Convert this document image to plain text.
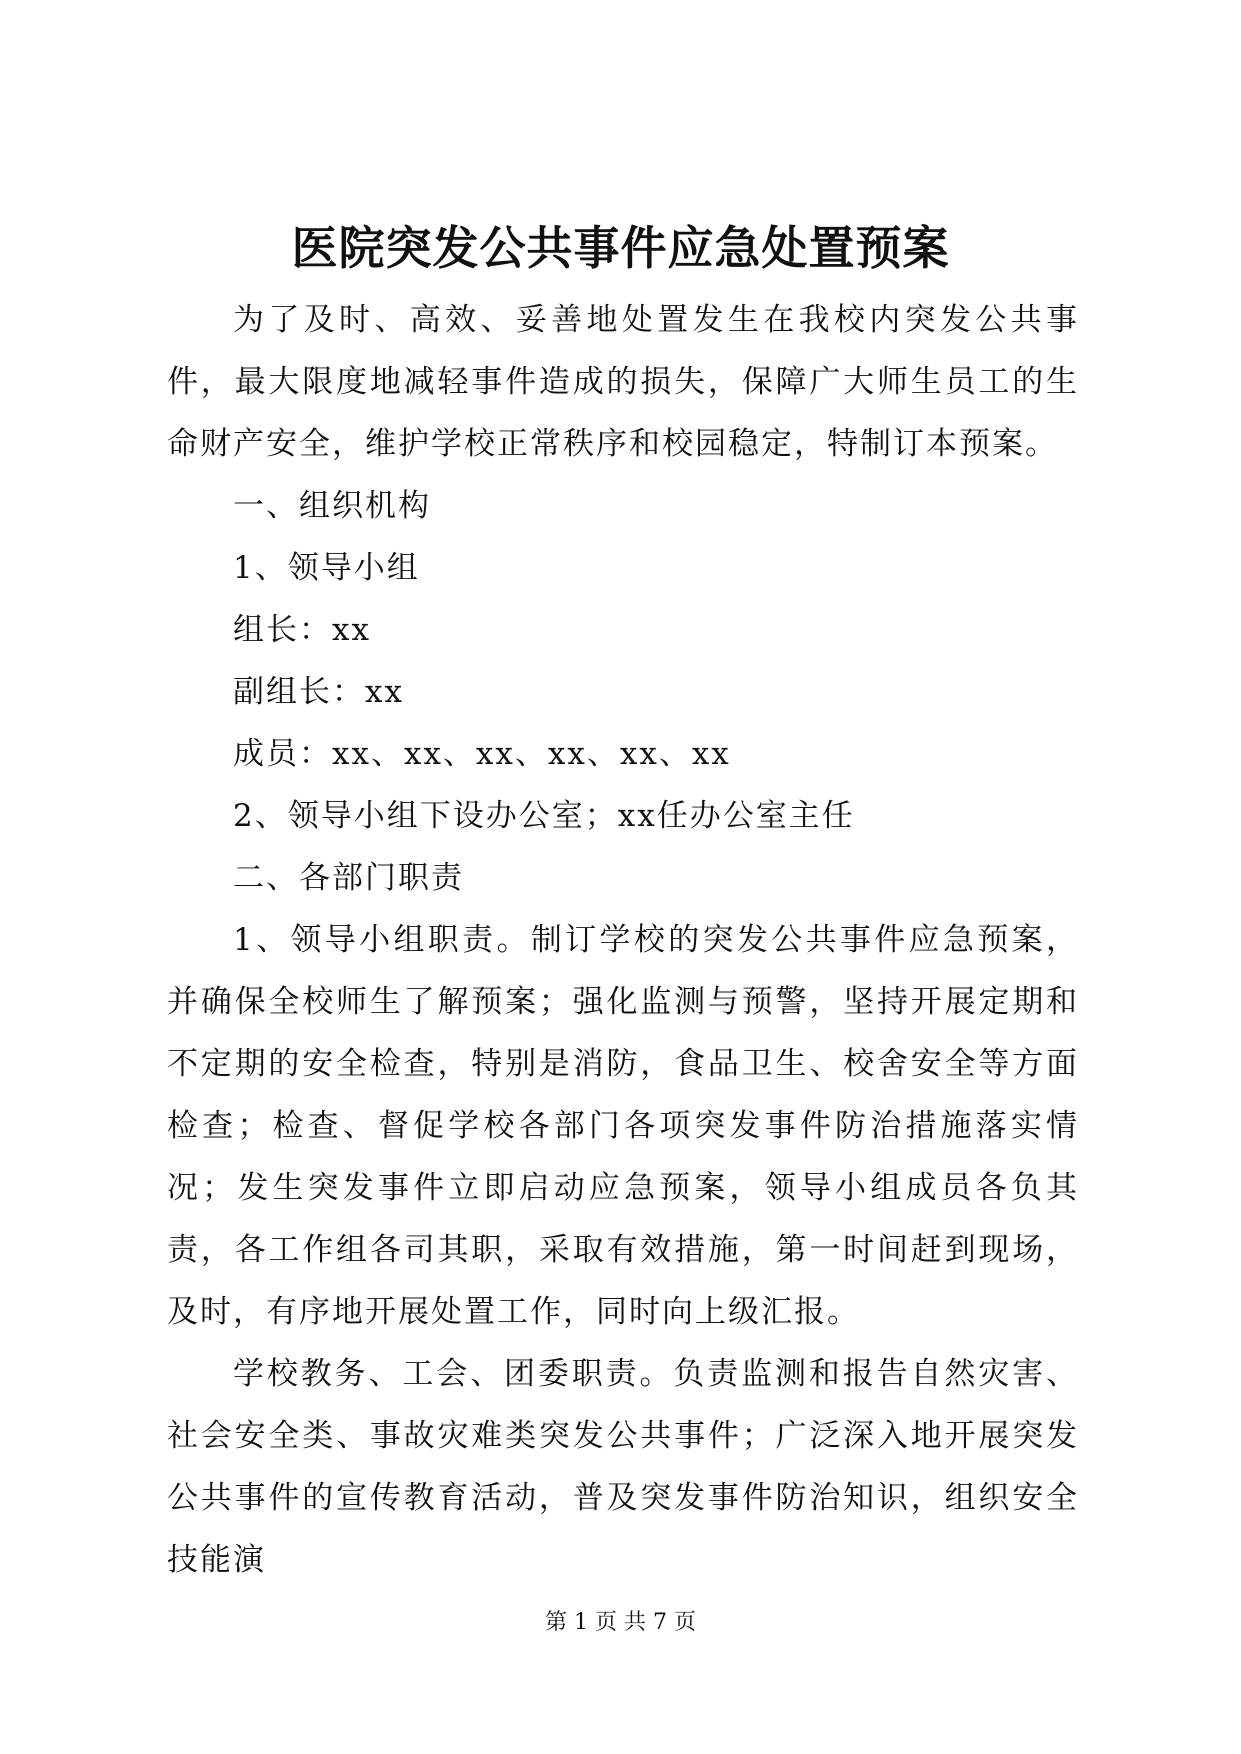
医院突发公共事件应急处置预案

为了及时、高效、妥善地处置发生在我校内突发公共事件，最大限度地减轻事件造成的损失，保障广大师生员工的生命财产安全，维护学校正常秩序和校园稳定，特制订本预案。

一、组织机构

1、领导小组

组长：xx

副组长：xx

成员：xx、xx、xx、xx、xx、xx

2、领导小组下设办公室；xx任办公室主任

二、各部门职责

1、领导小组职责。制订学校的突发公共事件应急预案，并确保全校师生了解预案；强化监测与预警，坚持开展定期和不定期的安全检查，特别是消防，食品卫生、校舍安全等方面检查；检查、督促学校各部门各项突发事件防治措施落实情况；发生突发事件立即启动应急预案，领导小组成员各负其责，各工作组各司其职，采取有效措施，第一时间赶到现场，及时，有序地开展处置工作，同时向上级汇报。

学校教务、工会、团委职责。负责监测和报告自然灾害、社会安全类、事故灾难类突发公共事件；广泛深入地开展突发公共事件的宣传教育活动，普及突发事件防治知识，组织安全技能演

第 1 页 共 7 页
